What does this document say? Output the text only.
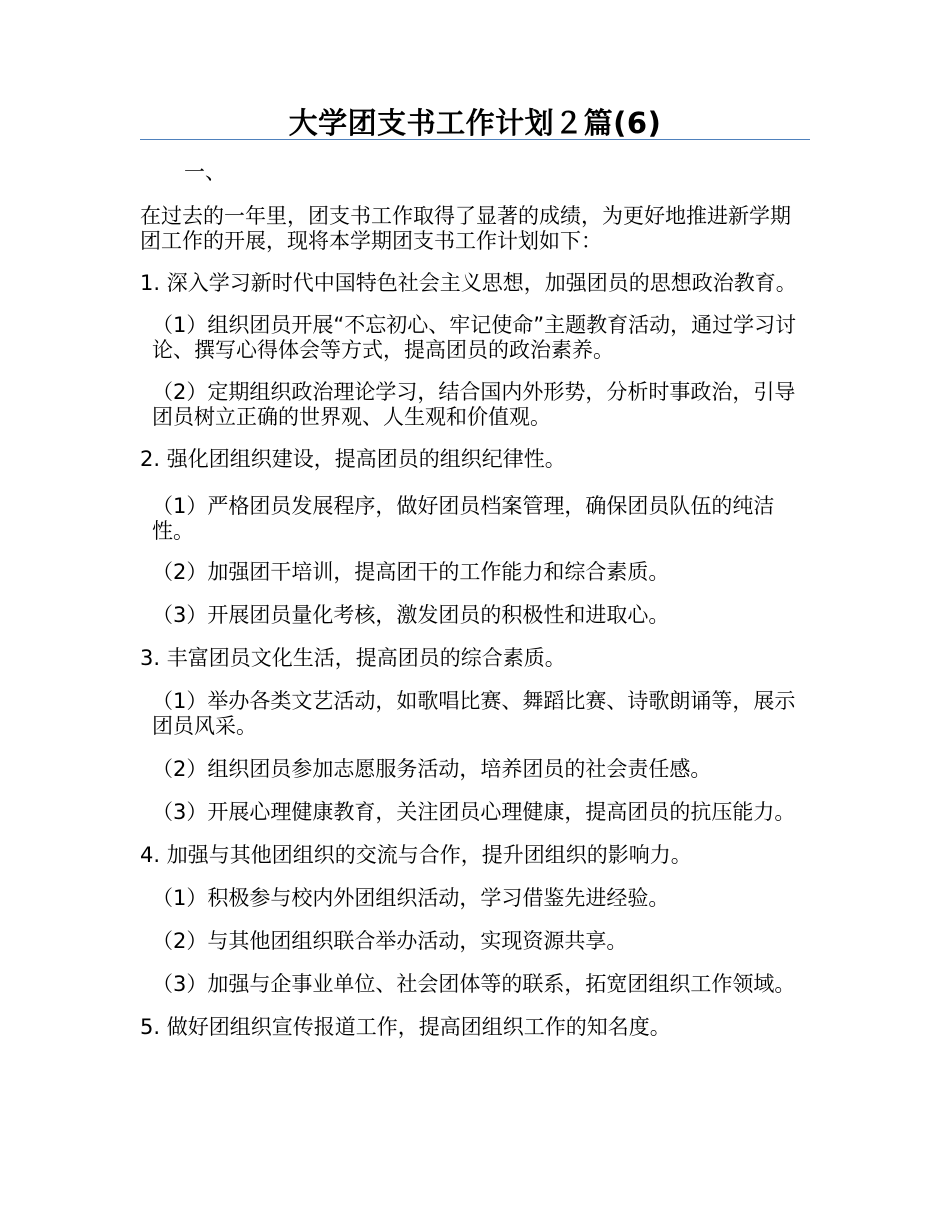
大学团支书工作计划２篇(6)

一、

在过去的一年里，团支书工作取得了显著的成绩，为更好地推进新学期团工作的开展，现将本学期团支书工作计划如下：

1. 深入学习新时代中国特色社会主义思想，加强团员的思想政治教育。

（1）组织团员开展“不忘初心、牢记使命”主题教育活动，通过学习讨论、撰写心得体会等方式，提高团员的政治素养。

（2）定期组织政治理论学习，结合国内外形势，分析时事政治，引导团员树立正确的世界观、人生观和价值观。

2. 强化团组织建设，提高团员的组织纪律性。

（1）严格团员发展程序，做好团员档案管理，确保团员队伍的纯洁性。

（2）加强团干培训，提高团干的工作能力和综合素质。

（3）开展团员量化考核，激发团员的积极性和进取心。

3. 丰富团员文化生活，提高团员的综合素质。

（1）举办各类文艺活动，如歌唱比赛、舞蹈比赛、诗歌朗诵等，展示团员风采。

（2）组织团员参加志愿服务活动，培养团员的社会责任感。

（3）开展心理健康教育，关注团员心理健康，提高团员的抗压能力。

4. 加强与其他团组织的交流与合作，提升团组织的影响力。

（1）积极参与校内外团组织活动，学习借鉴先进经验。

（2）与其他团组织联合举办活动，实现资源共享。

（3）加强与企事业单位、社会团体等的联系，拓宽团组织工作领域。

5. 做好团组织宣传报道工作，提高团组织工作的知名度。
